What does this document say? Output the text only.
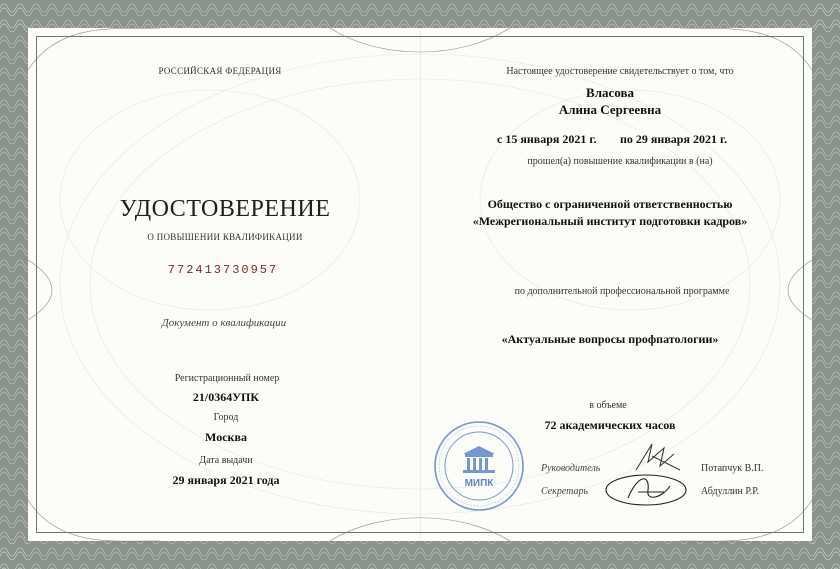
РОССИЙСКАЯ ФЕДЕРАЦИЯ
УДОСТОВЕРЕНИЕ
О ПОВЫШЕНИИ КВАЛИФИКАЦИИ
772413730957
Документ о квалификации
Регистрационный номер
21/0364УПК
Город
Москва
Дата выдачи
29 января 2021 года
Настоящее удостоверение свидетельствует о том, что
Власова
Алина Сергеевна
с 15 января 2021 г. по 29 января 2021 г.
прошел(а) повышение квалификации в (на)
Общество с ограниченной ответственностью
«Межрегиональный институт подготовки кадров»
по дополнительной профессиональной программе
«Актуальные вопросы профпатологии»
в объеме
72 академических часов
Руководитель	Потапчук В.П.
Секретарь	Абдуллин Р.Р.
МИПК
